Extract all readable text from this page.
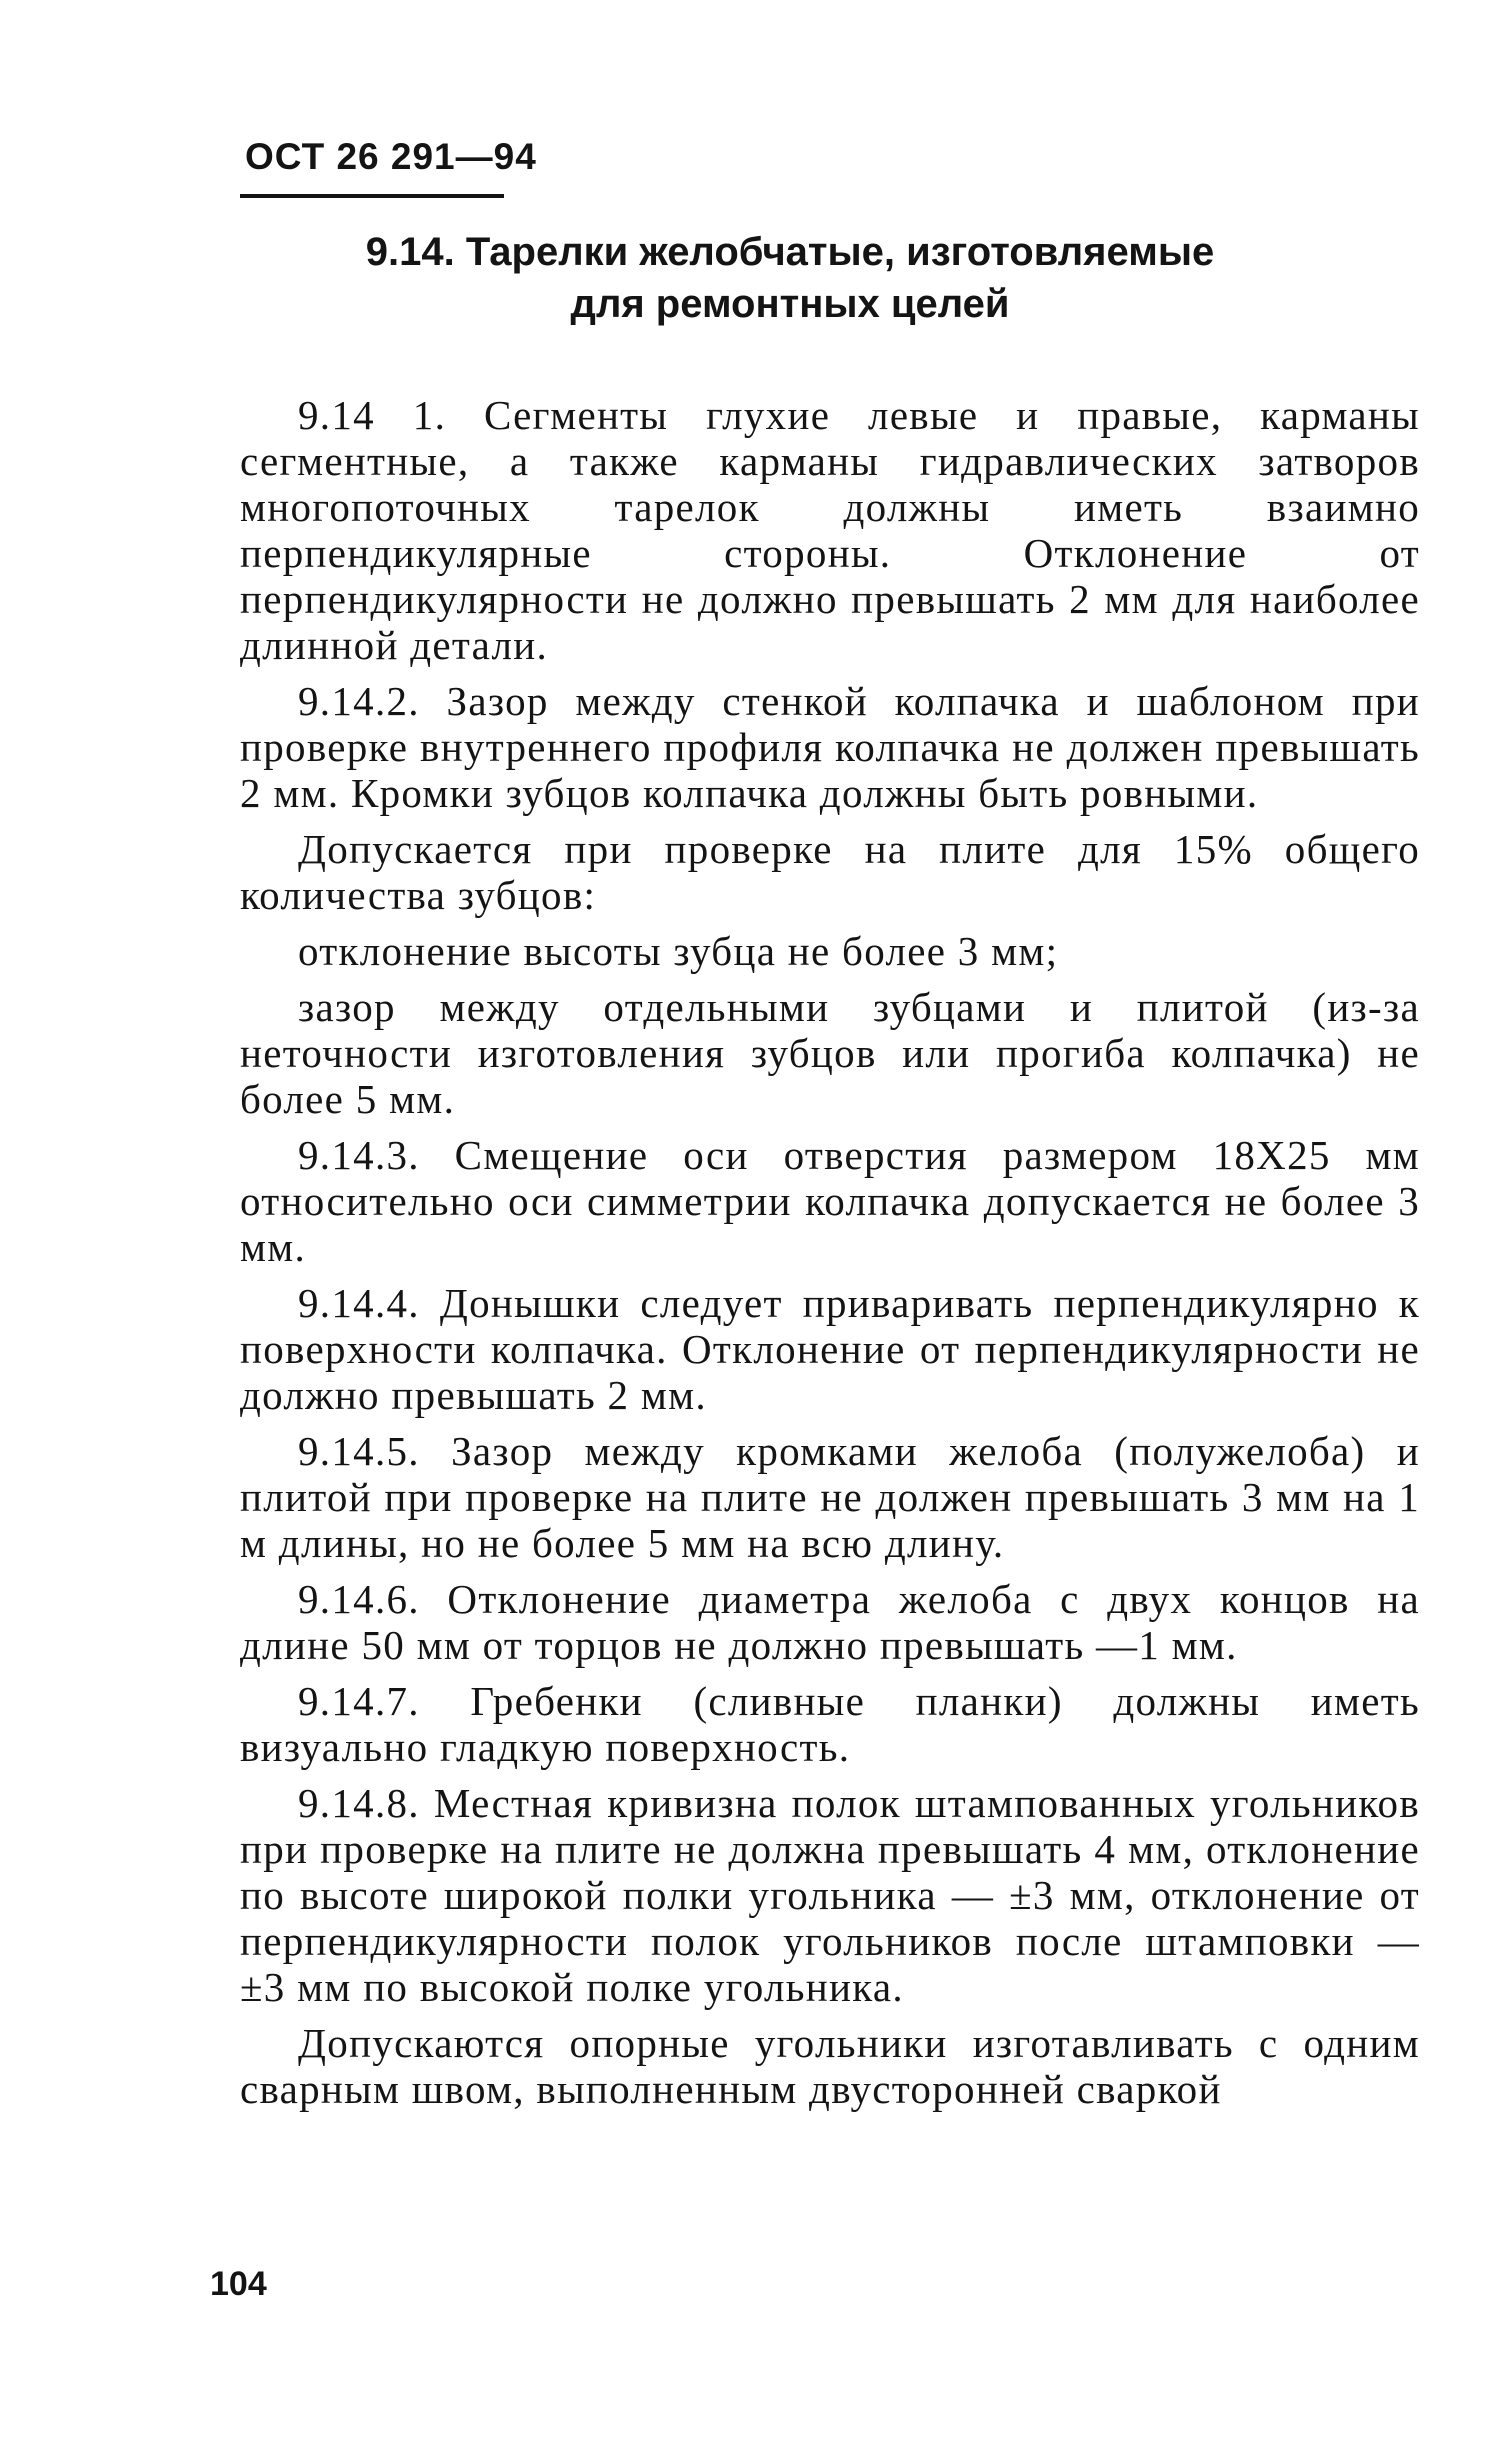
ОСТ 26 291—94
9.14. Тарелки желобчатые, изготовляемые
для ремонтных целей

9.14 1. Сегменты глухие левые и правые, карманы сегментные, а также карманы гидравлических затворов многопоточных тарелок должны иметь взаимно перпендикулярные стороны. Отклонение от перпендикулярности не должно превышать 2 мм для наиболее длинной детали.

9.14.2. Зазор между стенкой колпачка и шаблоном при проверке внутреннего профиля колпачка не должен превышать 2 мм. Кромки зубцов колпачка должны быть ровными.

Допускается при проверке на плите для 15% общего количества зубцов:

отклонение высоты зубца не более 3 мм;

зазор между отдельными зубцами и плитой (из-за неточности изготовления зубцов или прогиба колпачка) не более 5 мм.

9.14.3. Смещение оси отверстия размером 18Х25 мм относительно оси симметрии колпачка допускается не более 3 мм.

9.14.4. Донышки следует приваривать перпендикулярно к поверхности колпачка. Отклонение от перпендикулярности не должно превышать 2 мм.

9.14.5. Зазор между кромками желоба (полужелоба) и плитой при проверке на плите не должен превышать 3 мм на 1 м длины, но не более 5 мм на всю длину.

9.14.6. Отклонение диаметра желоба с двух концов на длине 50 мм от торцов не должно превышать —1 мм.

9.14.7. Гребенки (сливные планки) должны иметь визуально гладкую поверхность.

9.14.8. Местная кривизна полок штампованных угольников при проверке на плите не должна превышать 4 мм, отклонение по высоте широкой полки угольника — ±3 мм, отклонение от перпендикулярности полок угольников после штамповки — ±3 мм по высокой полке угольника.

Допускаются опорные угольники изготавливать с одним сварным швом, выполненным двусторонней сваркой

104
